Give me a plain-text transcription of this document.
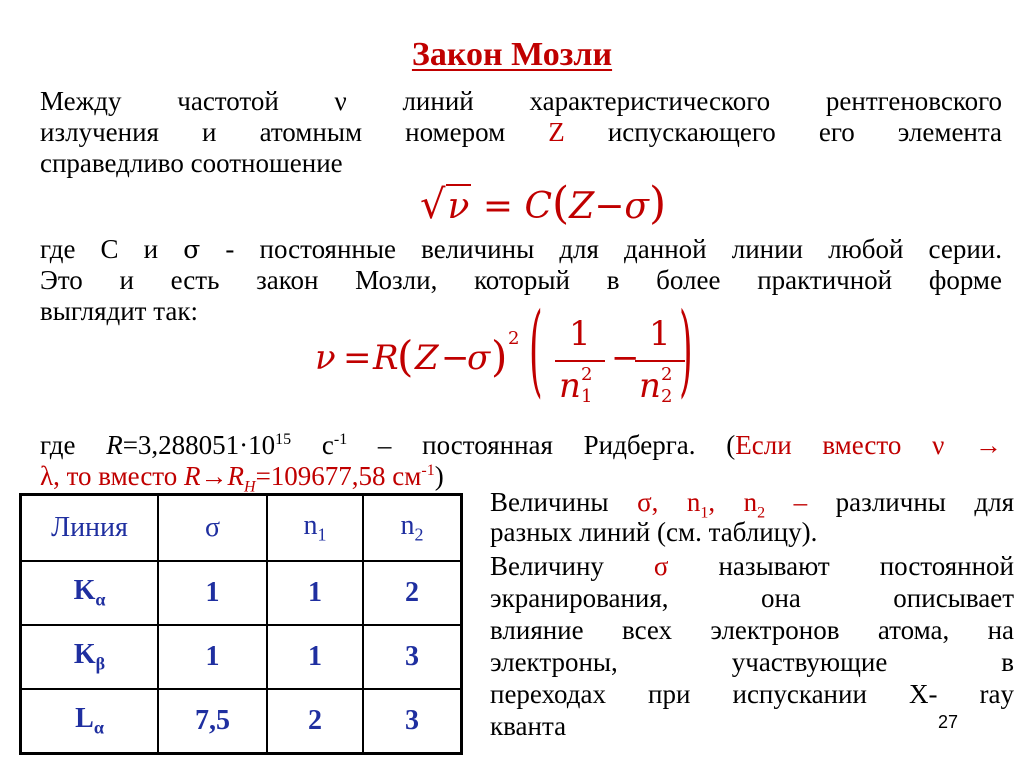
Закон Мозли

Между частотой ν линий характеристического рентгеновского

излучения и атомным номером Z испускающего его элемента

справедливо соотношение

√ν = C(Z−σ)

где С и σ - постоянные величины для данной линии любой серии.

Это и есть закон Мозли, который в более практичной форме

выглядит так:

ν = R
( Z −
σ ) 2 ( 1
n 2
1
−
1
n 2
2 )

где $R=3,288051\cdot 10^{15}$ $с^{-1}$ – постоянная Ридберга. (Если вместо ν →

λ, то вместо $R\to R_H=109677,58$ $см^{-1}$)

Линия	σ	$n_1$	$n_2$
$K_\alpha$	1	1	2
$K_\beta$	1	1	3
$L_\alpha$	7,5	2	3

Величины σ, $n_1$, $n_2$ – различны для

разных линий (см. таблицу).

Величину σ называют постоянной

экранирования, она описывает

влияние всех электронов атома, на

электроны, участвующие в

переходах при испускании X- ray

кванта	27
